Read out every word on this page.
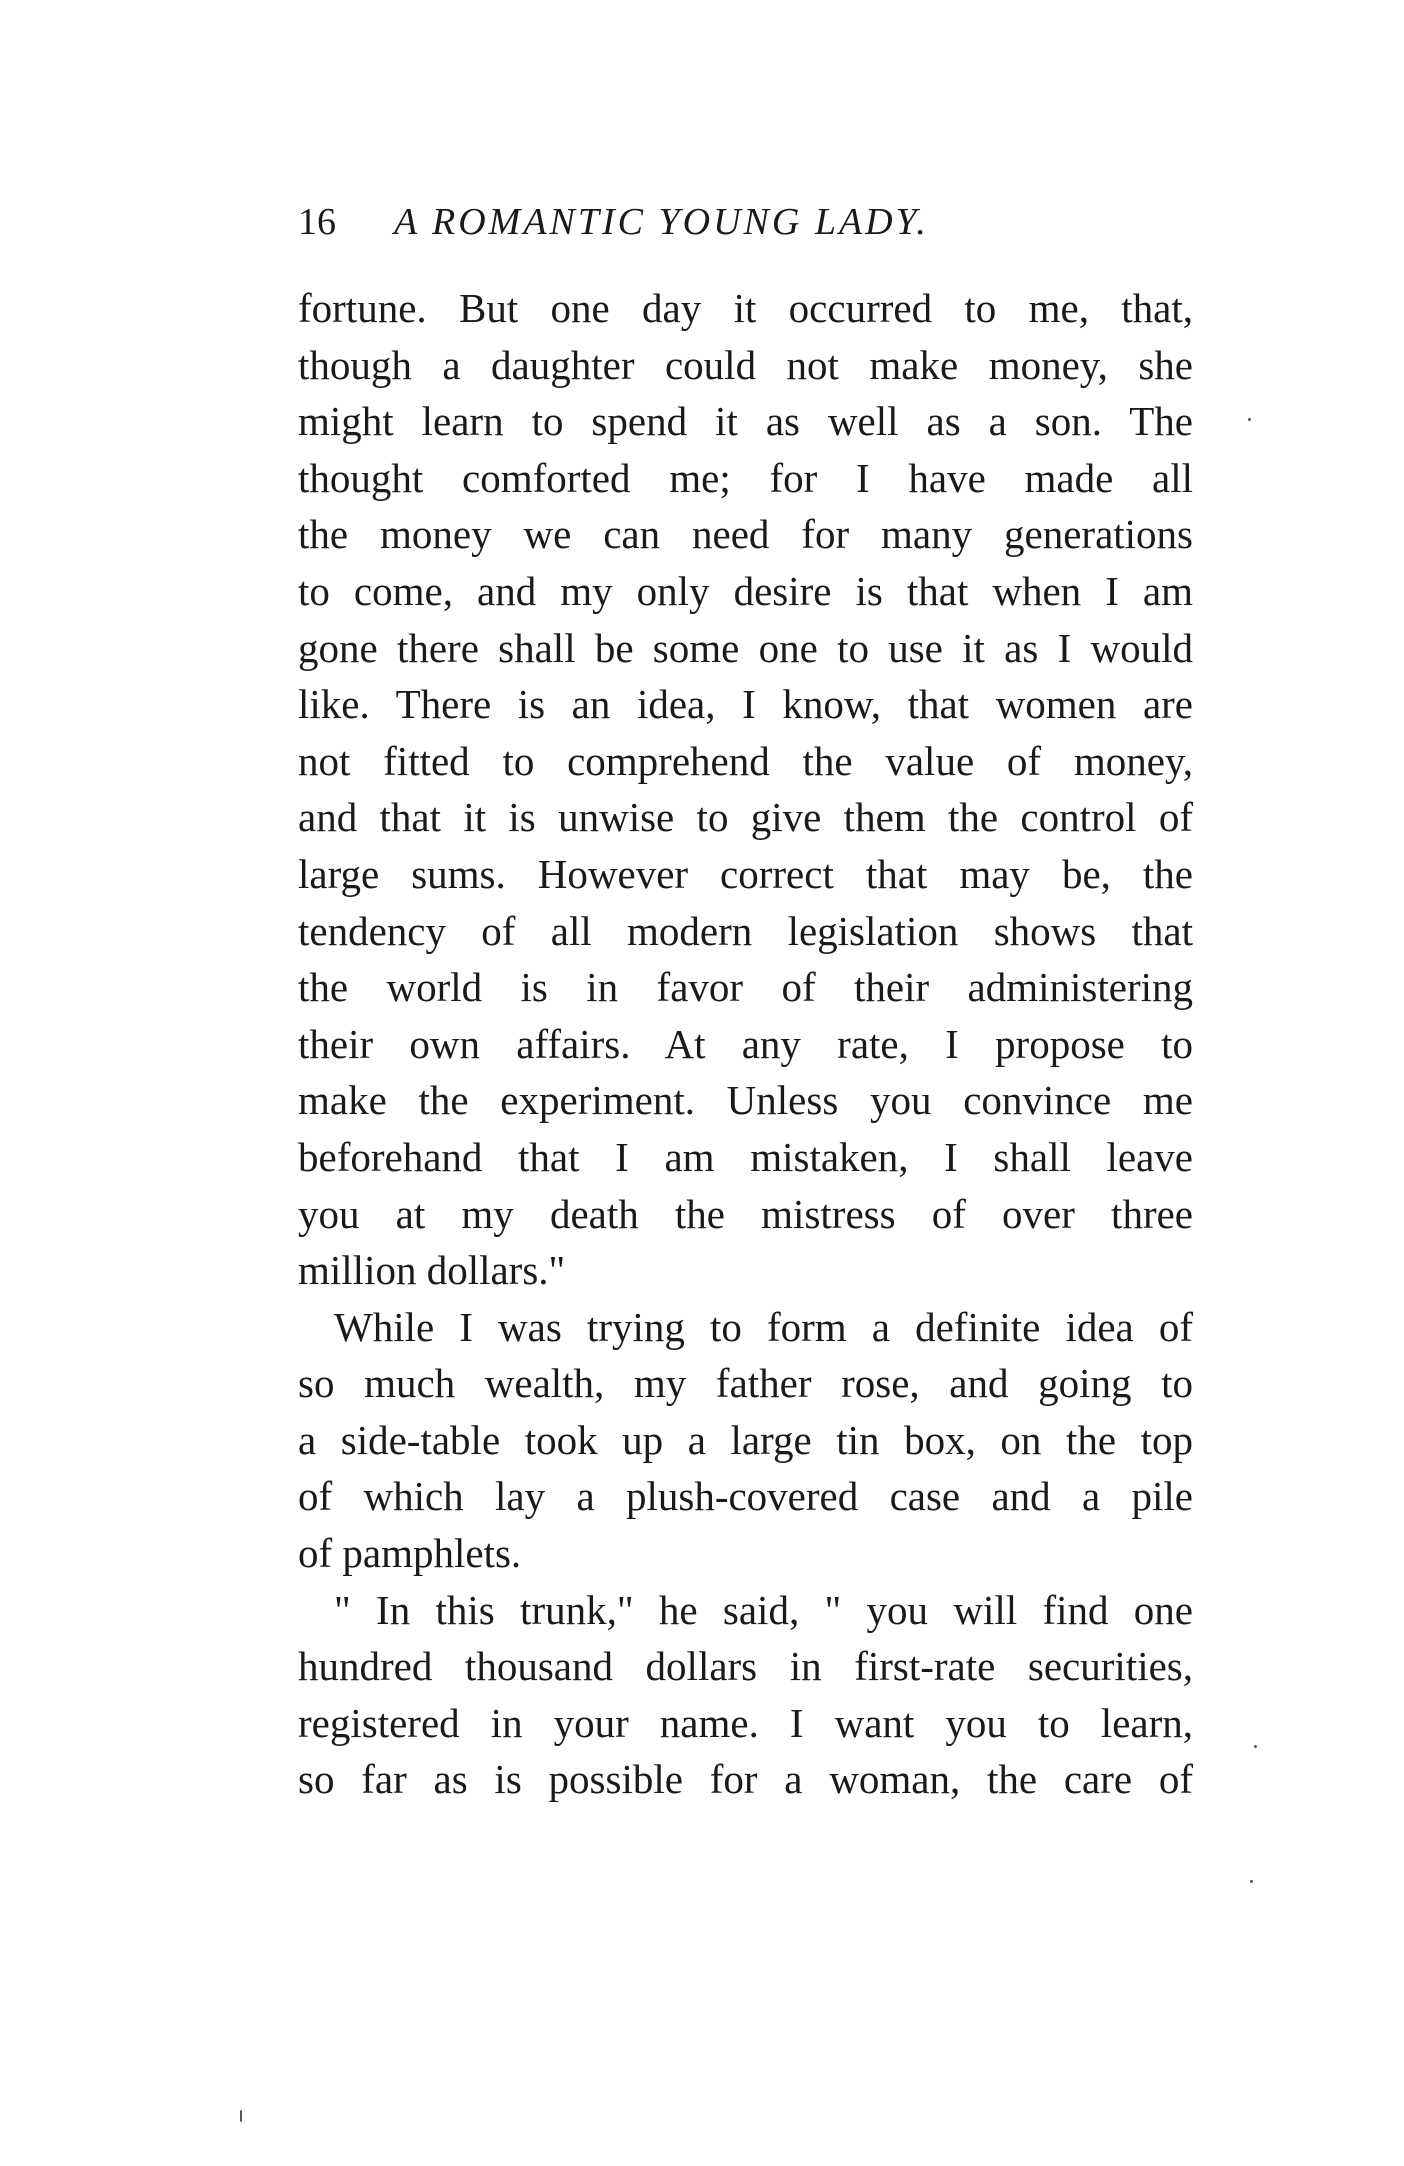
16 A ROMANTIC YOUNG LADY.
fortune. But one day it occurred to me, that,
though a daughter could not make money, she
might learn to spend it as well as a son. The
thought comforted me; for I have made all
the money we can need for many generations
to come, and my only desire is that when I am
gone there shall be some one to use it as I would
like. There is an idea, I know, that women are
not fitted to comprehend the value of money,
and that it is unwise to give them the control of
large sums. However correct that may be, the
tendency of all modern legislation shows that
the world is in favor of their administering
their own affairs. At any rate, I propose to
make the experiment. Unless you convince me
beforehand that I am mistaken, I shall leave
you at my death the mistress of over three
million dollars."
While I was trying to form a definite idea of
so much wealth, my father rose, and going to
a side-table took up a large tin box, on the top
of which lay a plush-covered case and a pile
of pamphlets.
" In this trunk," he said, " you will find one
hundred thousand dollars in first-rate securities,
registered in your name. I want you to learn,
so far as is possible for a woman, the care of
